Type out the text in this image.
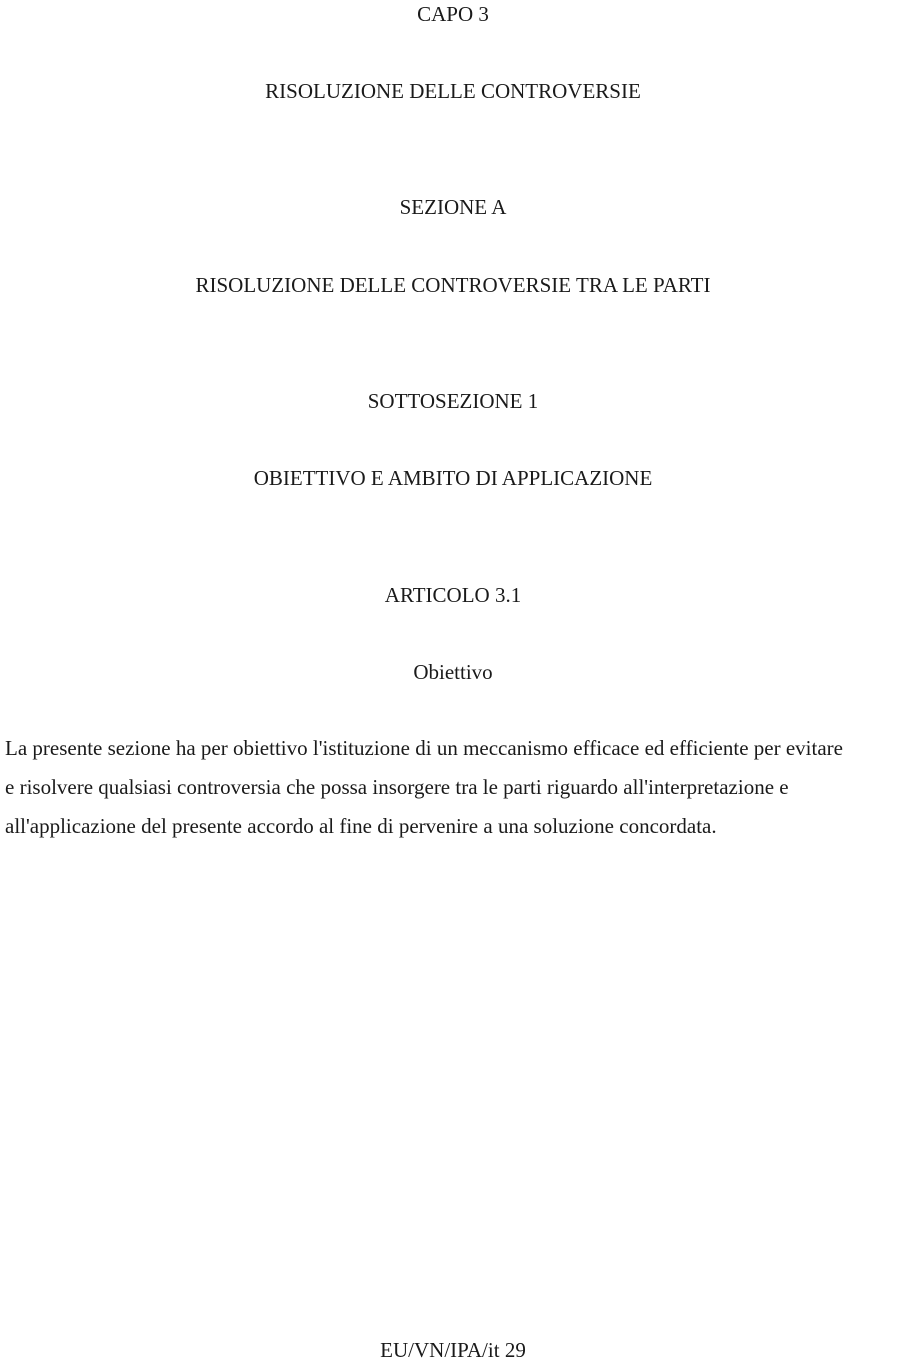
CAPO 3
RISOLUZIONE DELLE CONTROVERSIE
SEZIONE A
RISOLUZIONE DELLE CONTROVERSIE TRA LE PARTI
SOTTOSEZIONE 1
OBIETTIVO E AMBITO DI APPLICAZIONE
ARTICOLO 3.1
Obiettivo
La presente sezione ha per obiettivo l'istituzione di un meccanismo efficace ed efficiente per evitare
e risolvere qualsiasi controversia che possa insorgere tra le parti riguardo all'interpretazione e
all'applicazione del presente accordo al fine di pervenire a una soluzione concordata.
EU/VN/IPA/it 29
